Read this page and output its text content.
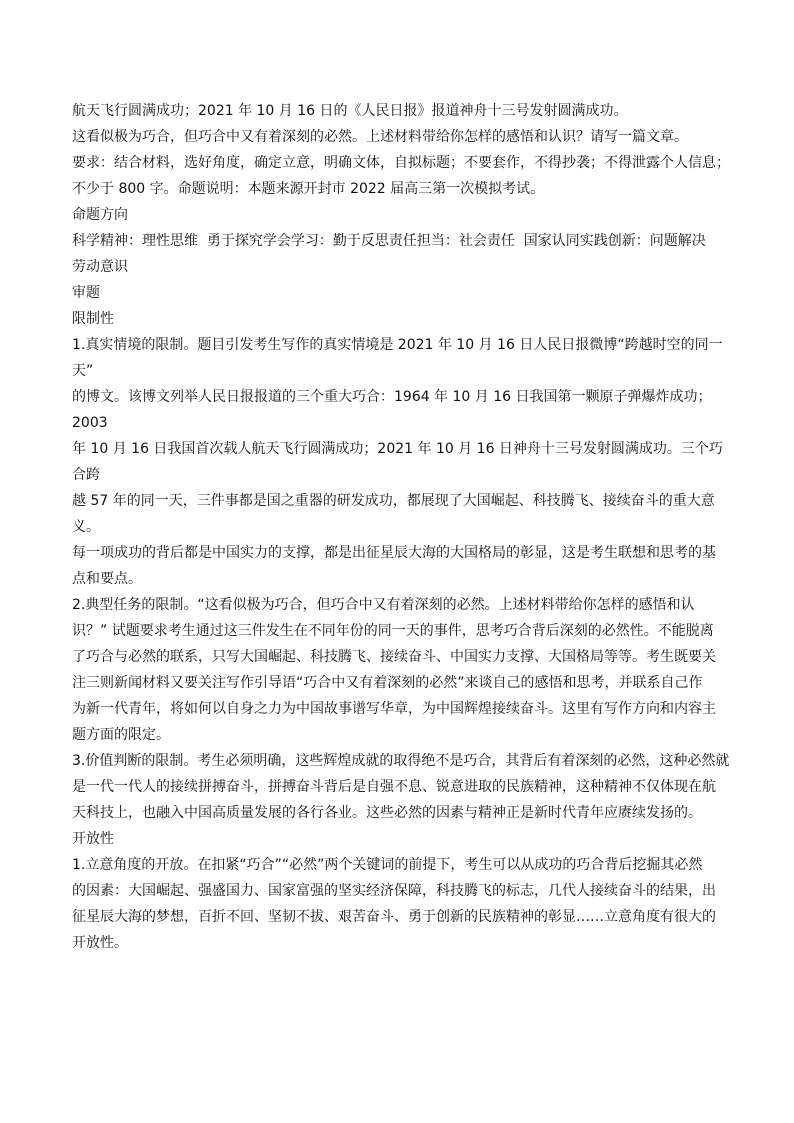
航天飞行圆满成功；2021 年 10 月 16 日的《人民日报》报道神舟十三号发射圆满成功。

这看似极为巧合，但巧合中又有着深刻的必然。上述材料带给你怎样的感悟和认识？请写一篇文章。

要求：结合材料，选好角度，确定立意，明确文体，自拟标题；不要套作，不得抄袭；不得泄露个人信息；

不少于 800 字。命题说明：本题来源开封市 2022 届高三第一次模拟考试。

命题方向

科学精神：理性思维  勇于探究学会学习：勤于反思责任担当：社会责任  国家认同实践创新：问题解决

劳动意识

审题

限制性

1.真实情境的限制。题目引发考生写作的真实情境是 2021 年 10 月 16 日人民日报微博“跨越时空的同一天”

的博文。该博文列举人民日报报道的三个重大巧合：1964 年 10 月 16 日我国第一颗原子弹爆炸成功；2003

年 10 月 16 日我国首次载人航天飞行圆满成功；2021 年 10 月 16 日神舟十三号发射圆满成功。三个巧合跨

越 57 年的同一天，三件事都是国之重器的研发成功，都展现了大国崛起、科技腾飞、接续奋斗的重大意义。

每一项成功的背后都是中国实力的支撑，都是出征星辰大海的大国格局的彰显，这是考生联想和思考的基

点和要点。

2.典型任务的限制。“这看似极为巧合，但巧合中又有着深刻的必然。上述材料带给你怎样的感悟和认

识？” 试题要求考生通过这三件发生在不同年份的同一天的事件，思考巧合背后深刻的必然性。不能脱离

了巧合与必然的联系，只写大国崛起、科技腾飞、接续奋斗、中国实力支撑、大国格局等等。考生既要关

注三则新闻材料又要关注写作引导语“巧合中又有着深刻的必然”来谈自己的感悟和思考，并联系自己作

为新一代青年，将如何以自身之力为中国故事谱写华章，为中国辉煌接续奋斗。这里有写作方向和内容主

题方面的限定。

3.价值判断的限制。考生必须明确，这些辉煌成就的取得绝不是巧合，其背后有着深刻的必然，这种必然就

是一代一代人的接续拼搏奋斗，拼搏奋斗背后是自强不息、锐意进取的民族精神，这种精神不仅体现在航

天科技上，也融入中国高质量发展的各行各业。这些必然的因素与精神正是新时代青年应赓续发扬的。

开放性

1.立意角度的开放。在扣紧“巧合”“必然”两个关键词的前提下，考生可以从成功的巧合背后挖掘其必然

的因素：大国崛起、强盛国力、国家富强的坚实经济保障，科技腾飞的标志，几代人接续奋斗的结果，出

征星辰大海的梦想，百折不回、坚韧不拔、艰苦奋斗、勇于创新的民族精神的彰显……立意角度有很大的

开放性。
